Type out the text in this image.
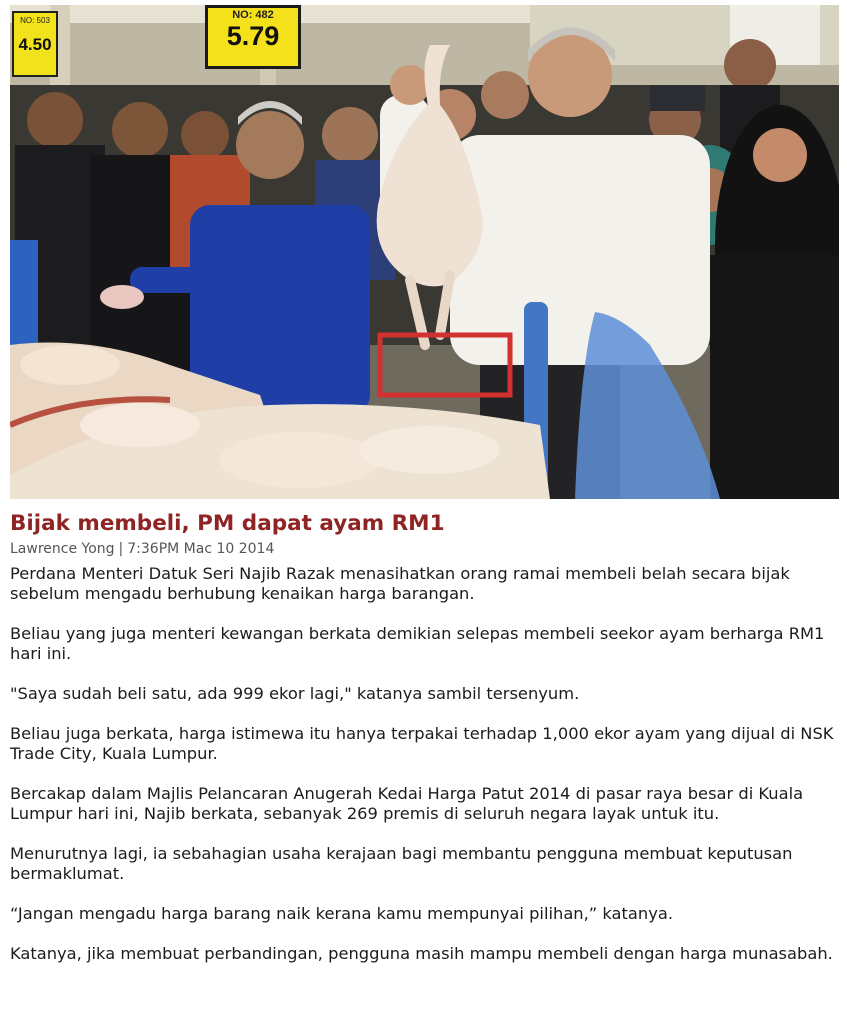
NO: 503
4.50
NO: 482
5.79
Bijak membeli, PM dapat ayam RM1
Lawrence Yong | 7:36PM Mac 10 2014

Perdana Menteri Datuk Seri Najib Razak menasihatkan orang ramai membeli belah secara bijak sebelum mengadu berhubung kenaikan harga barangan.

Beliau yang juga menteri kewangan berkata demikian selepas membeli seekor ayam berharga RM1 hari ini.

"Saya sudah beli satu, ada 999 ekor lagi," katanya sambil tersenyum.

Beliau juga berkata, harga istimewa itu hanya terpakai terhadap 1,000 ekor ayam yang dijual di NSK Trade City, Kuala Lumpur.

Bercakap dalam Majlis Pelancaran Anugerah Kedai Harga Patut 2014 di pasar raya besar di Kuala Lumpur hari ini, Najib berkata, sebanyak 269 premis di seluruh negara layak untuk itu.

Menurutnya lagi, ia sebahagian usaha kerajaan bagi membantu pengguna membuat keputusan bermaklumat.

“Jangan mengadu harga barang naik kerana kamu mempunyai pilihan,” katanya.

Katanya, jika membuat perbandingan, pengguna masih mampu membeli dengan harga munasabah.
